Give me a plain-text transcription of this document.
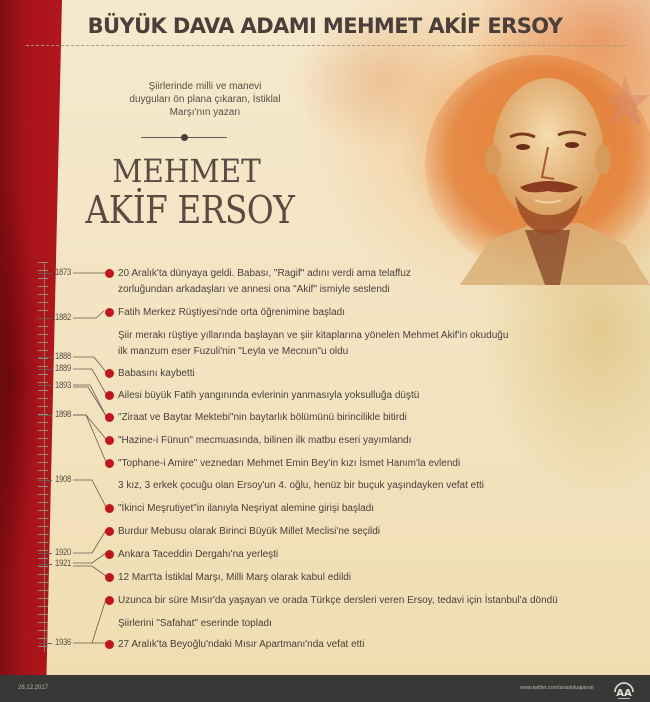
BÜYÜK DAVA ADAMI MEHMET AKİF ERSOY
Şiirlerinde milli ve manevi
duyguları ön plana çıkaran, İstiklal
Marşı'nın yazarı
MEHMET
AKİF ERSOY
1873
1882
1888
1889
1893
1898
1908
1920
1921
1936
20 Aralık'ta dünyaya geldi. Babası, "Ragif" adını verdi ama telaffuz
zorluğundan arkadaşları ve annesi ona "Akif" ismiyle seslendi
Fatih Merkez Rüştiyesi'nde orta öğrenimine başladı
Şiir merakı rüştiye yıllarında başlayan ve şiir kitaplarına yönelen Mehmet Akif'in okuduğu
ilk manzum eser Fuzuli'nin "Leyla ve Mecnun"u oldu
Babasını kaybetti
Ailesi büyük Fatih yangınında evlerinin yanmasıyla yoksulluğa düştü
"Ziraat ve Baytar Mektebi"nin baytarlık bölümünü birincilikle bitirdi
"Hazine-i Fünun" mecmuasında, bilinen ilk matbu eseri yayımlandı
"Tophane-i Amire" veznedarı Mehmet Emin Bey'in kızı İsmet Hanım'la evlendi
3 kız, 3 erkek çocuğu olan Ersoy'un 4. oğlu, henüz bir buçuk yaşındayken vefat etti
"İkinci Meşrutiyet"in ilanıyla Neşriyat alemine girişi başladı
Burdur Mebusu olarak Birinci Büyük Millet Meclisi'ne seçildi
Ankara Taceddin Dergahı'na yerleşti
12 Mart'ta İstiklal Marşı, Milli Marş olarak kabul edildi
Uzunca bir süre Mısır'da yaşayan ve orada Türkçe dersleri veren Ersoy, tedavi için İstanbul'a döndü
Şiirlerini "Safahat" eserinde topladı
27 Aralık'ta Beyoğlu'ndaki Mısır Apartmanı'nda vefat etti
28.12.2017	www.twitter.com/anadoluajansi/ AA
